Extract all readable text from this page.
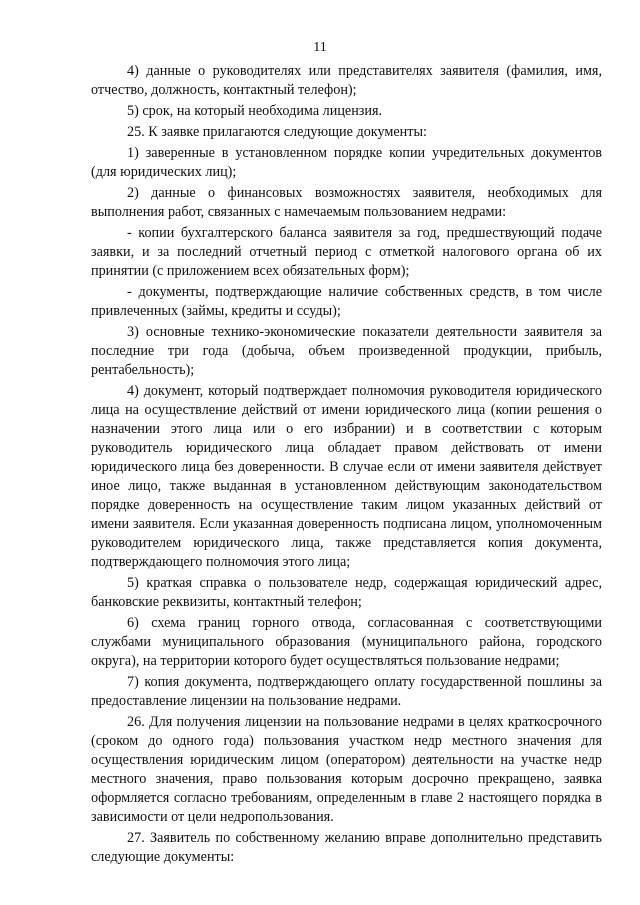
11

4) данные о руководителях или представителях заявителя (фамилия, имя, отчество, должность, контактный телефон);

5) срок, на который необходима лицензия.

25. К заявке прилагаются следующие документы:

1) заверенные в установленном порядке копии учредительных документов (для юридических лиц);

2) данные о финансовых возможностях заявителя, необходимых для выполнения работ, связанных с намечаемым пользованием недрами:

- копии бухгалтерского баланса заявителя за год, предшествующий подаче заявки, и за последний отчетный период с отметкой налогового органа об их принятии (с приложением всех обязательных форм);

- документы, подтверждающие наличие собственных средств, в том числе привлеченных (займы, кредиты и ссуды);

3) основные технико-экономические показатели деятельности заявителя за последние три года (добыча, объем произведенной продукции, прибыль, рентабельность);

4) документ, который подтверждает полномочия руководителя юридического лица на осуществление действий от имени юридического лица (копии решения о назначении этого лица или о его избрании) и в соответствии с которым руководитель юридического лица обладает правом действовать от имени юридического лица без доверенности. В случае если от имени заявителя действует иное лицо, также выданная в установленном действующим законодательством порядке доверенность на осуществление таким лицом указанных действий от имени заявителя. Если указанная доверенность подписана лицом, уполномоченным руководителем юридического лица, также представляется копия документа, подтверждающего полномочия этого лица;

5) краткая справка о пользователе недр, содержащая юридический адрес, банковские реквизиты, контактный телефон;

6) схема границ горного отвода, согласованная с соответствующими службами муниципального образования (муниципального района, городского округа), на территории которого будет осуществляться пользование недрами;

7) копия документа, подтверждающего оплату государственной пошлины за предоставление лицензии на пользование недрами.

26. Для получения лицензии на пользование недрами в целях краткосрочного (сроком до одного года) пользования участком недр местного значения для осуществления юридическим лицом (оператором) деятельности на участке недр местного значения, право пользования которым досрочно прекращено, заявка оформляется согласно требованиям, определенным в главе 2 настоящего порядка в зависимости от цели недропользования.

27. Заявитель по собственному желанию вправе дополнительно представить следующие документы:
